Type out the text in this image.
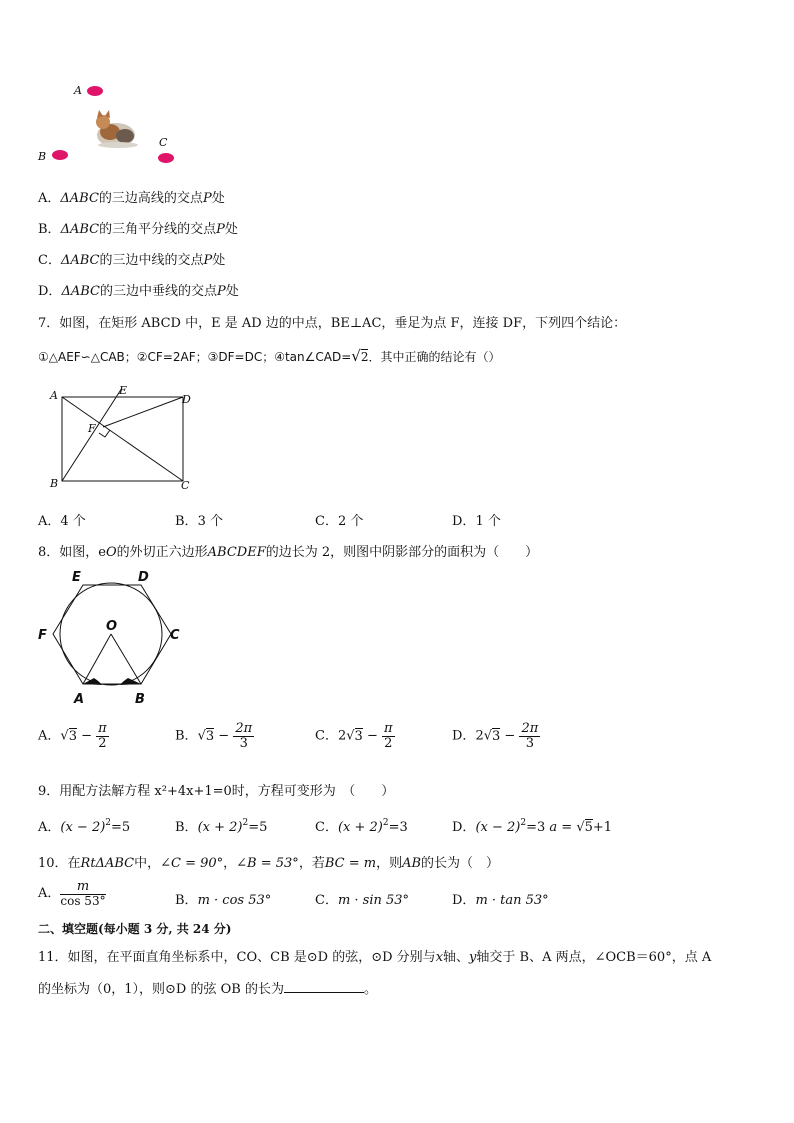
A
B
C
A．ΔABC的三边高线的交点P处
B．ΔABC的三角平分线的交点P处
C．ΔABC的三边中线的交点P处
D．ΔABC的三边中垂线的交点P处
7．如图，在矩形 ABCD 中，E 是 AD 边的中点，BE⊥AC，垂足为点 F，连接 DF，下列四个结论：
①△AEF∽△CAB；②CF=2AF；③DF=DC；④tan∠CAD=√2．其中正确的结论有（）
A	E
D
F
B	C
A．4 个	B．3 个	C．2 个	D．1 个
8．如图，eO的外切正六边形ABCDEF的边长为 2，则图中阴影部分的面积为（　　）
E	D
F
O
C
A	B
A．$√3 - \frac{\pi}{2}$	B．$√3 - \frac{2\pi}{3}$	C．$2√3 - \frac{\pi}{2}$	D．$2√3 - \frac{2\pi}{3}$
9．用配方法解方程 x²+4x+1=0时，方程可变形为　（　　）
A．$(x - 2)^2=5$	B．$(x + 2)^2=5$	C．$(x + 2)^2=3$	D．$(x - 2)^2=3$ a = √5+1
10．在RtΔABC中，∠C = 90°，∠B = 53°，若BC = m，则AB的长为（　）
A． $\frac{m}{\cos 53^\circ}$	B．m · cos 53°	C．m · sin 53°	D．m · tan 53°
二、填空题(每小题 3 分, 共 24 分)
11．如图，在平面直角坐标系中，CO、CB 是⊙D 的弦，⊙D 分别与x轴、y轴交于 B、A 两点，∠OCB＝60°，点 A
的坐标为（0，1），则⊙D 的弦 OB 的长为	。
